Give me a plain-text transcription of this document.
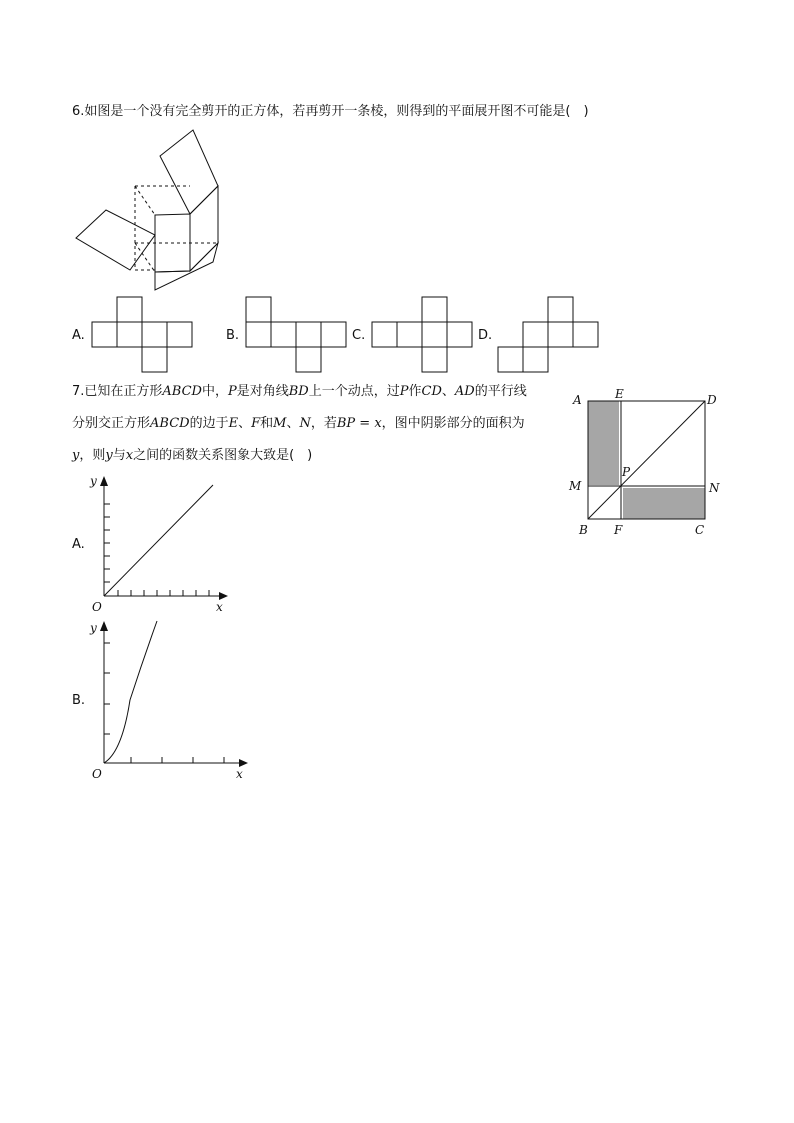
6.如图是一个没有完全剪开的正方体，若再剪开一条棱，则得到的平面展开图不可能是(　)
A.	B.	C.	D.
7.已知在正方形ABCD中，P是对角线BD上一个动点，过P作CD、AD的平行线
分别交正方形ABCD的边于E、F和M、N，若BP = x，图中阴影部分的面积为
y，则y与x之间的函数关系图象大致是(　)
A	E	D
M
P
N
B F	C
A.
O	x
y
B.
O	x
y
